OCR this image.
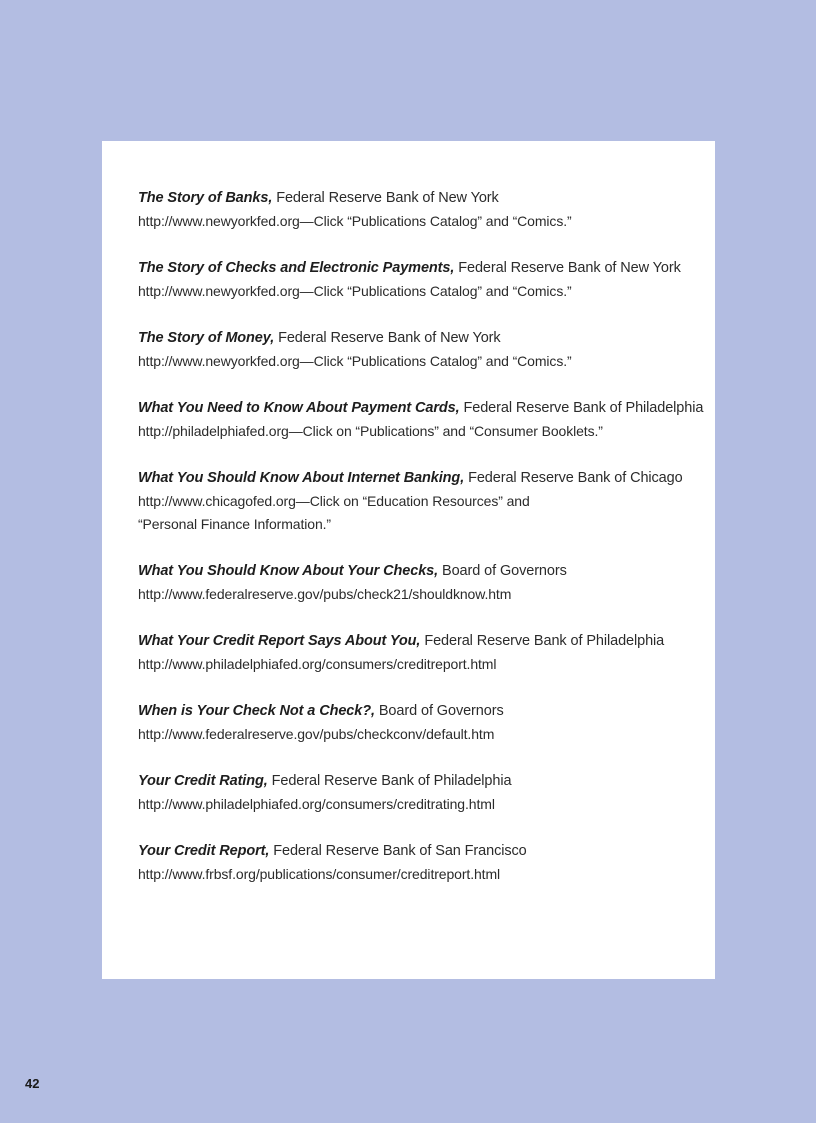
The Story of Banks, Federal Reserve Bank of New York
http://www.newyorkfed.org—Click “Publications Catalog” and “Comics.”
The Story of Checks and Electronic Payments, Federal Reserve Bank of New York
http://www.newyorkfed.org—Click “Publications Catalog” and “Comics.”
The Story of Money, Federal Reserve Bank of New York
http://www.newyorkfed.org—Click “Publications Catalog” and “Comics.”
What You Need to Know About Payment Cards, Federal Reserve Bank of Philadelphia
http://philadelphiafed.org—Click on “Publications” and “Consumer Booklets.”
What You Should Know About Internet Banking, Federal Reserve Bank of Chicago
http://www.chicagofed.org—Click on “Education Resources” and “Personal Finance Information.”
What You Should Know About Your Checks, Board of Governors
http://www.federalreserve.gov/pubs/check21/shouldknow.htm
What Your Credit Report Says About You, Federal Reserve Bank of Philadelphia
http://www.philadelphiafed.org/consumers/creditreport.html
When is Your Check Not a Check?, Board of Governors
http://www.federalreserve.gov/pubs/checkconv/default.htm
Your Credit Rating, Federal Reserve Bank of Philadelphia
http://www.philadelphiafed.org/consumers/creditrating.html
Your Credit Report, Federal Reserve Bank of San Francisco
http://www.frbsf.org/publications/consumer/creditreport.html
42
